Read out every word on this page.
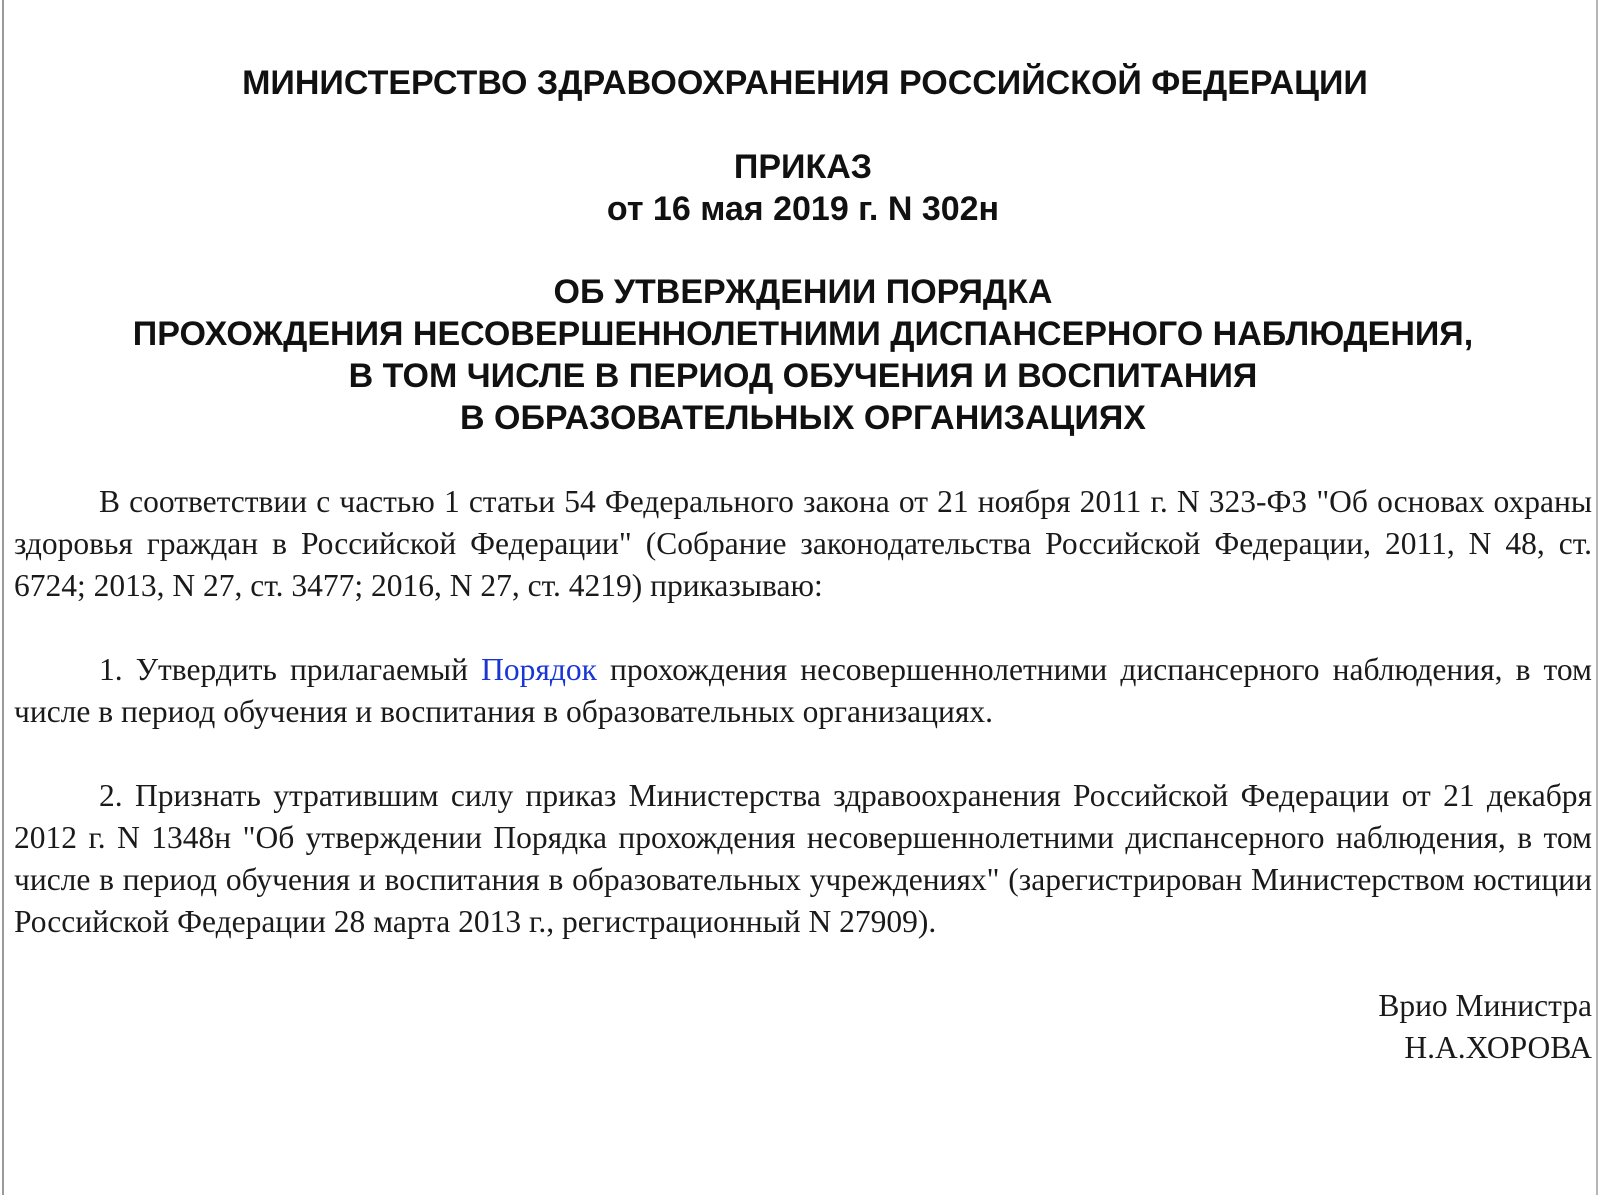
МИНИСТЕРСТВО ЗДРАВООХРАНЕНИЯ РОССИЙСКОЙ ФЕДЕРАЦИИ

ПРИКАЗ

от 16 мая 2019 г. N 302н

ОБ УТВЕРЖДЕНИИ ПОРЯДКА

ПРОХОЖДЕНИЯ НЕСОВЕРШЕННОЛЕТНИМИ ДИСПАНСЕРНОГО НАБЛЮДЕНИЯ,

В ТОМ ЧИСЛЕ В ПЕРИОД ОБУЧЕНИЯ И ВОСПИТАНИЯ

В ОБРАЗОВАТЕЛЬНЫХ ОРГАНИЗАЦИЯХ

В соответствии с частью 1 статьи 54 Федерального закона от 21 ноября 2011 г. N 323-ФЗ "Об основах охраны здоровья граждан в Российской Федерации" (Собрание законодательства Российской Федерации, 2011, N 48, ст. 6724; 2013, N 27, ст. 3477; 2016, N 27, ст. 4219) приказываю:

1. Утвердить прилагаемый Порядок прохождения несовершеннолетними диспансерного наблюдения, в том числе в период обучения и воспитания в образовательных организациях.

2. Признать утратившим силу приказ Министерства здравоохранения Российской Федерации от 21 декабря 2012 г. N 1348н "Об утверждении Порядка прохождения несовершеннолетними диспансерного наблюдения, в том числе в период обучения и воспитания в образовательных учреждениях" (зарегистрирован Министерством юстиции Российской Федерации 28 марта 2013 г., регистрационный N 27909).

Врио Министра
Н.А.ХОРОВА
